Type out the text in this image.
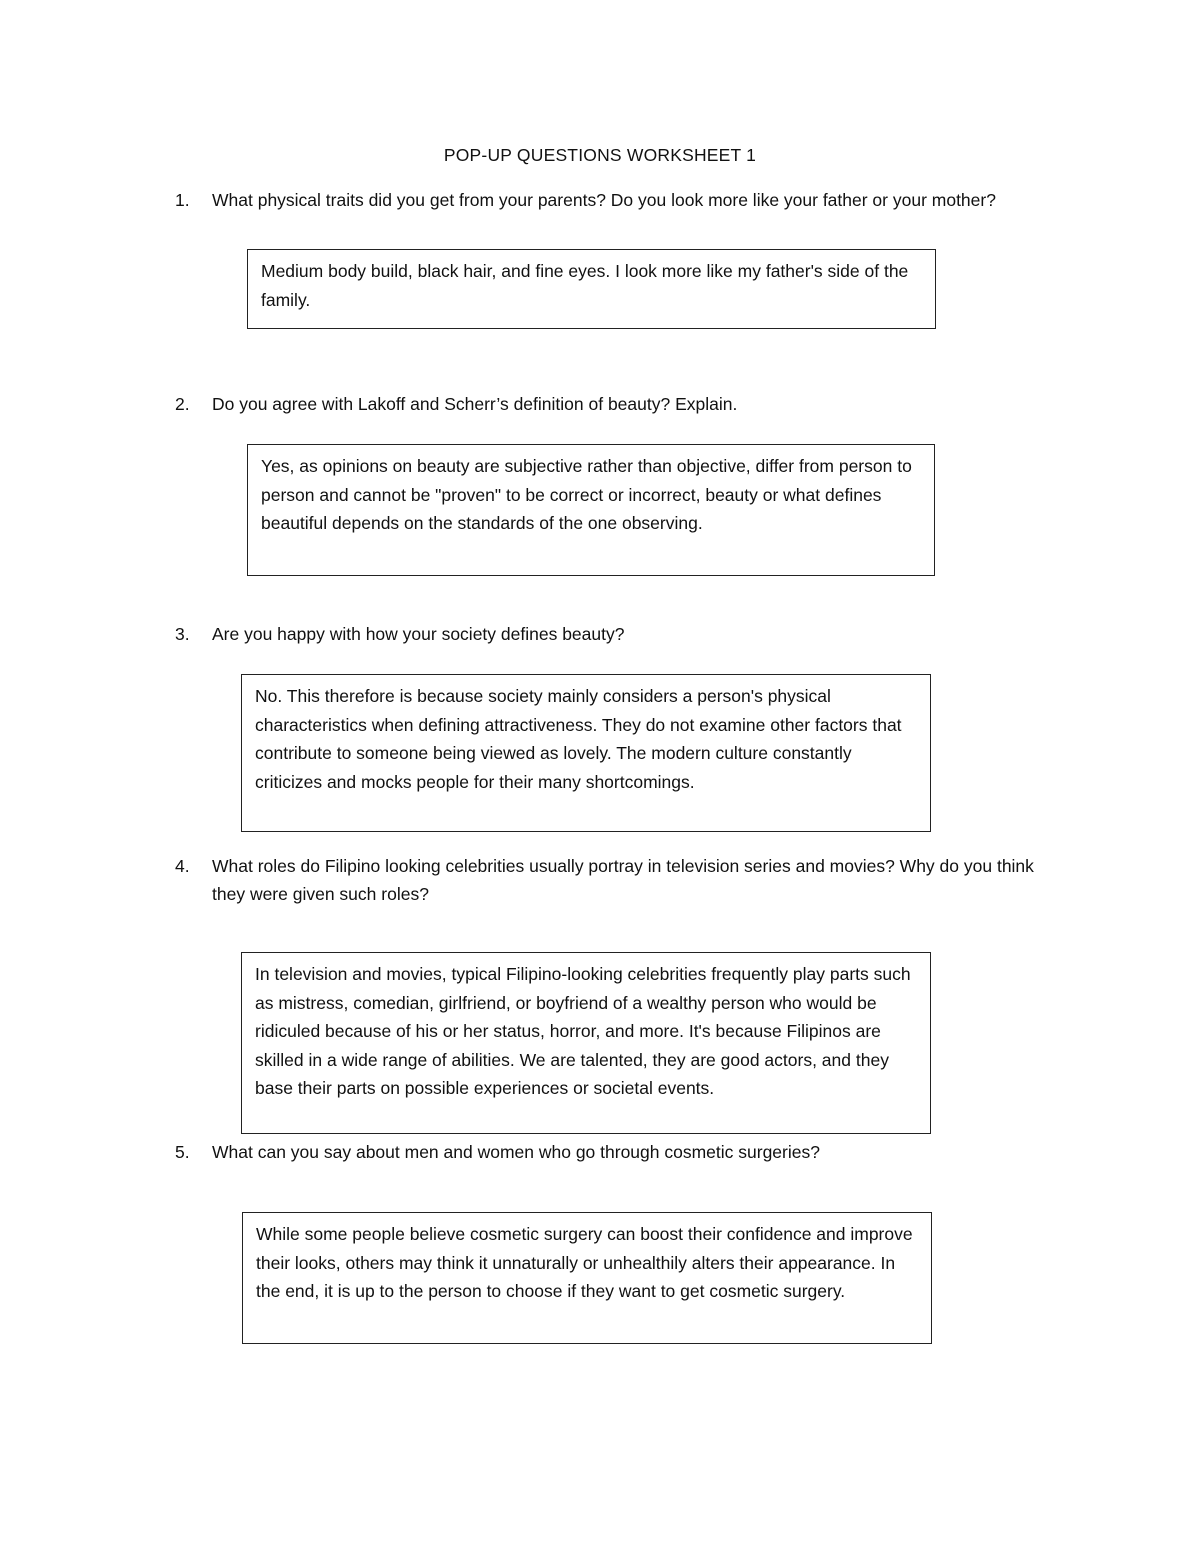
POP-UP QUESTIONS WORKSHEET 1
1.	What physical traits did you get from your parents? Do you look more like your father or your mother?
Medium body build, black hair, and fine eyes. I look more like my father's side of the family.
2.	Do you agree with Lakoff and Scherr’s definition of beauty? Explain.
Yes, as opinions on beauty are subjective rather than objective, differ from person to person and cannot be "proven" to be correct or incorrect, beauty or what defines beautiful depends on the standards of the one observing.
3.	Are you happy with how your society defines beauty?
No. This therefore is because society mainly considers a person's physical characteristics when defining attractiveness. They do not examine other factors that contribute to someone being viewed as lovely. The modern culture constantly criticizes and mocks people for their many shortcomings.
4.	What roles do Filipino looking celebrities usually portray in television series and movies? Why do you think they were given such roles?
In television and movies, typical Filipino-looking celebrities frequently play parts such as mistress, comedian, girlfriend, or boyfriend of a wealthy person who would be ridiculed because of his or her status, horror, and more. It's because Filipinos are skilled in a wide range of abilities. We are talented, they are good actors, and they base their parts on possible experiences or societal events.
5.	What can you say about men and women who go through cosmetic surgeries?
While some people believe cosmetic surgery can boost their confidence and improve their looks, others may think it unnaturally or unhealthily alters their appearance. In the end, it is up to the person to choose if they want to get cosmetic surgery.
